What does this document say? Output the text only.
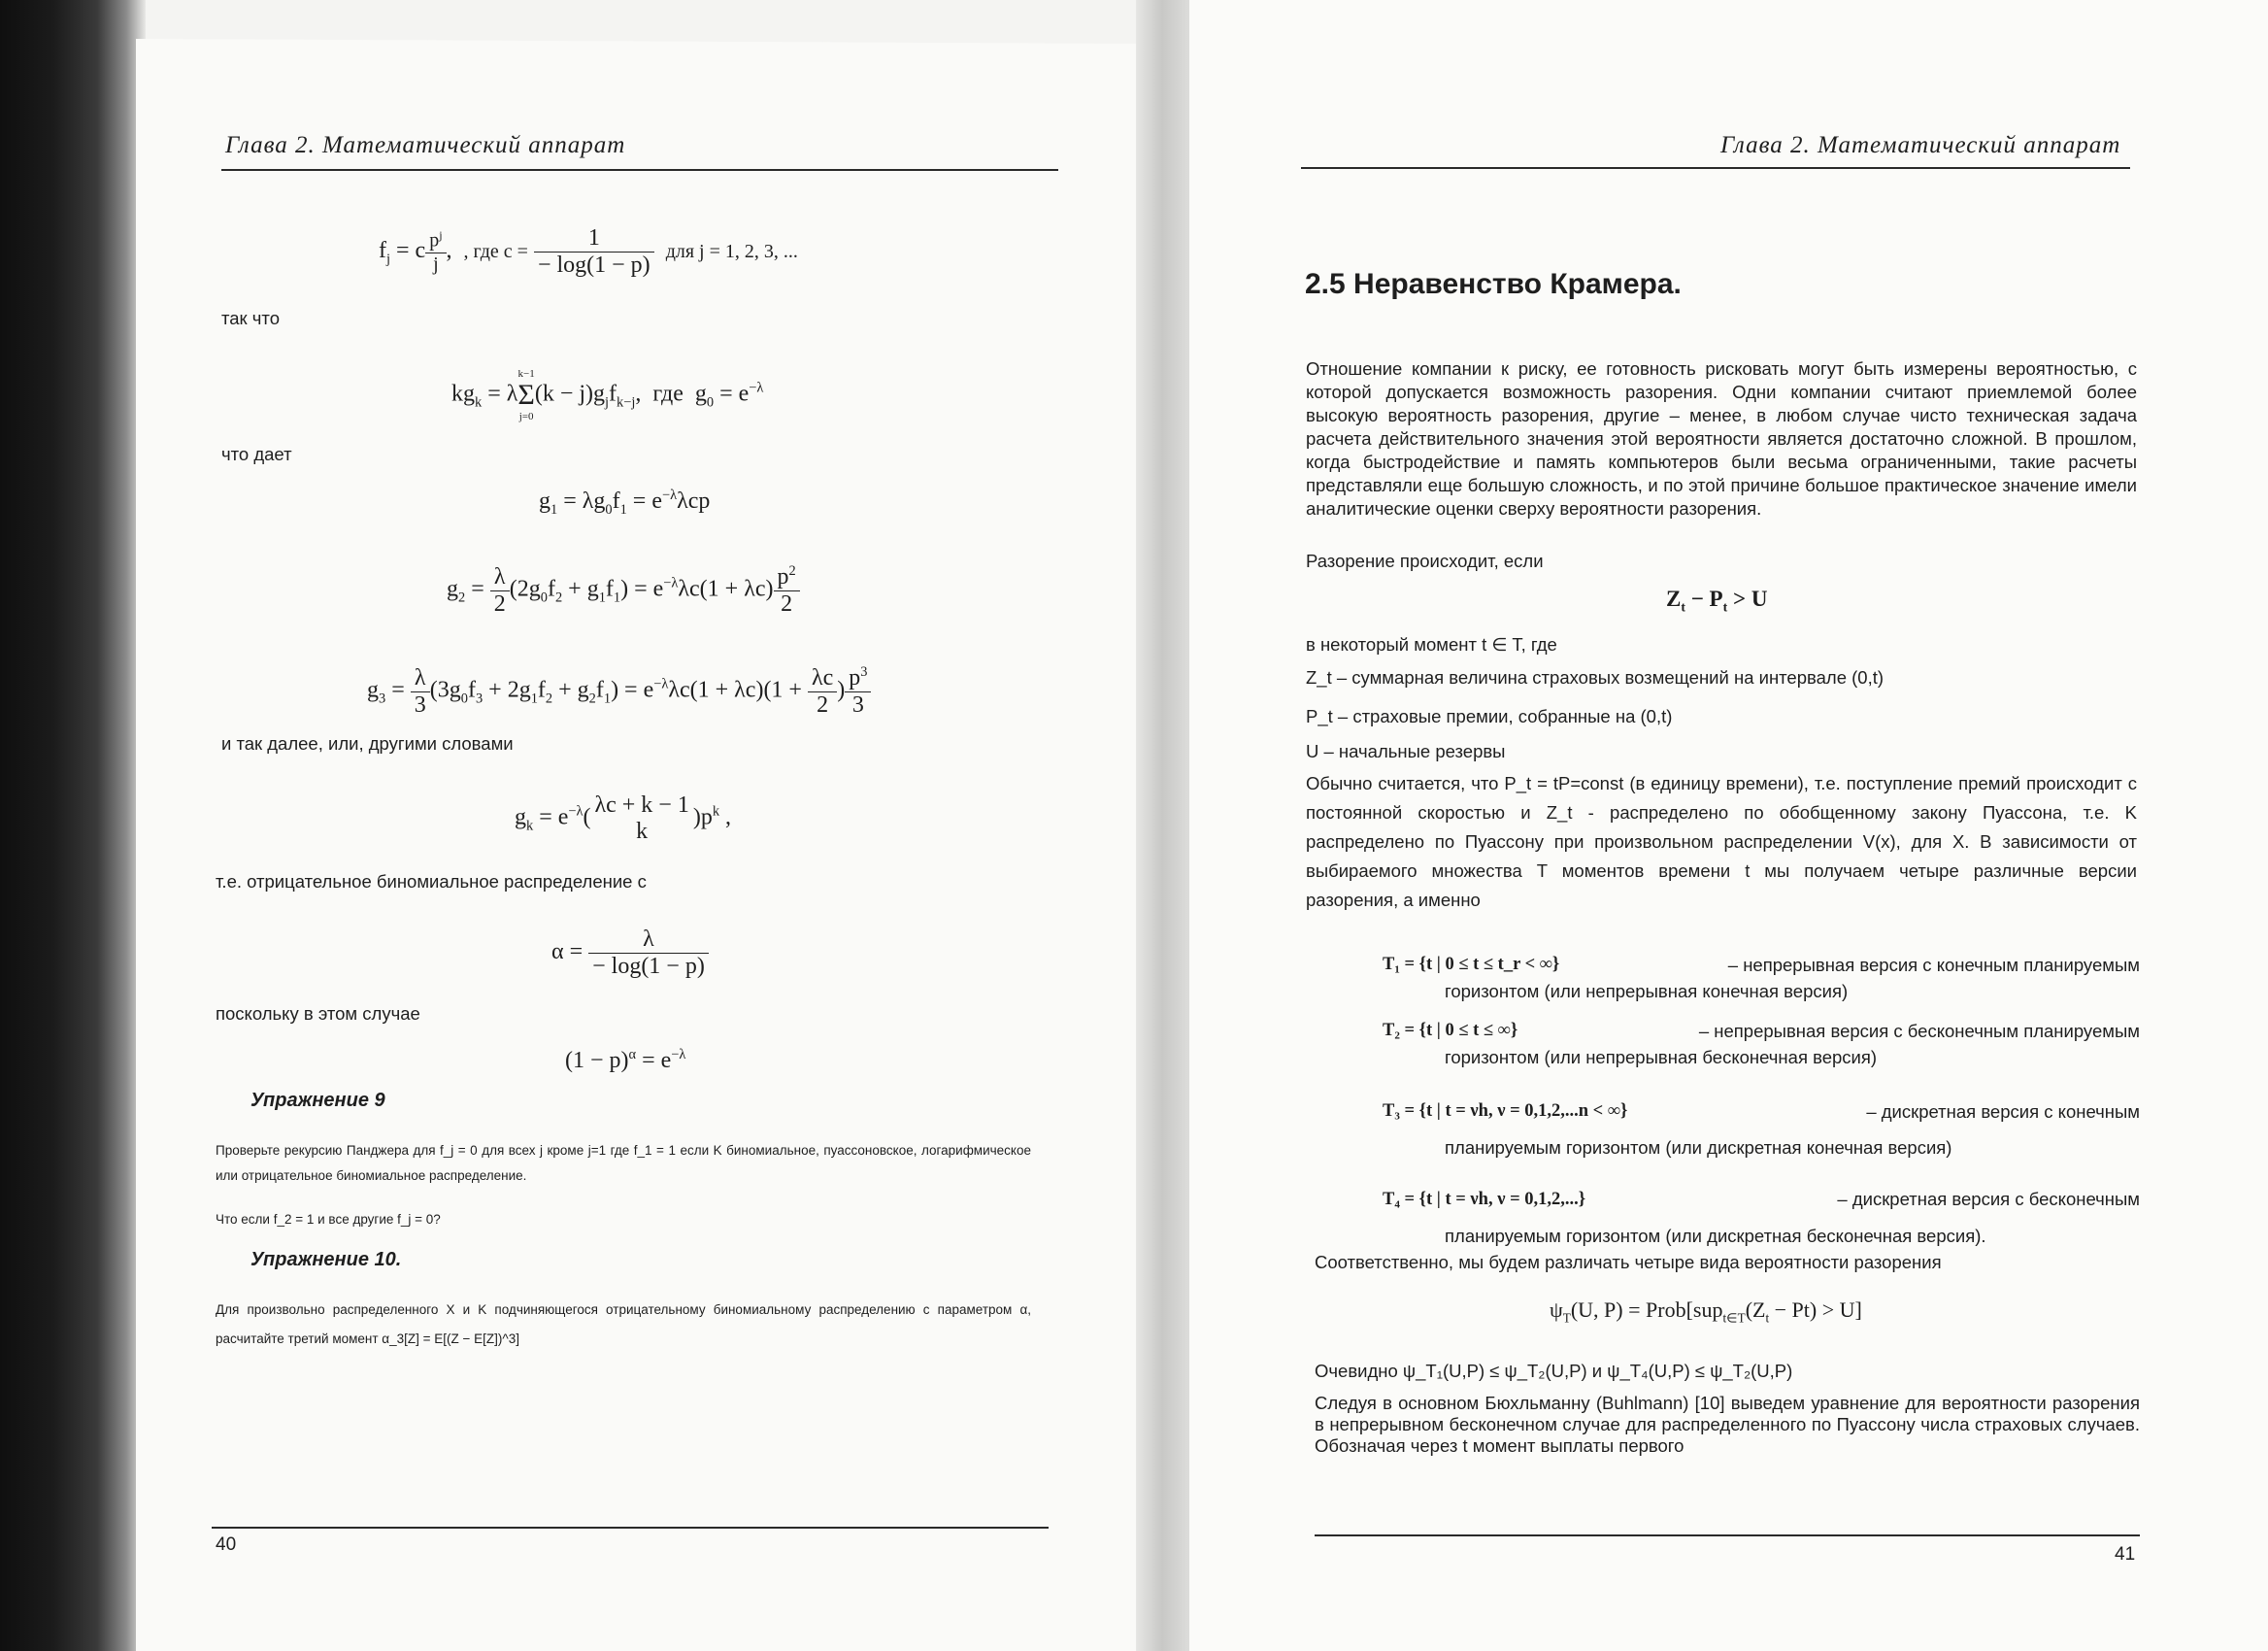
Глава 2. Математический аппарат
$f_j = c \frac{p^j}{j}$ ,  , где $c = \frac{1}{- \log(1 - p)}$ для j = 1, 2, 3, ...
так что
$kg_k = \lambda$
k−1
Σ
j=0
$(k - j)g_jf_{k-j}$,  где  $g_0 = e^{-\lambda}$
что дает
$g_1 = \lambda g_0f_1 = e^{-\lambda}\lambda cp$
$g_2 = \frac{\lambda}{2} (2g_0f_2 + g_1f_1) = e^{-\lambda}\lambda c(1 + \lambda c) \frac{p^2}{2}$
$g_3 = \frac{\lambda}{3} (3g_0f_3 + 2g_1f_2 + g_2f_1) = e^{-\lambda}\lambda c(1 + \lambda c)(1 + \frac{\lambda c}{2}$ ) $\frac{p^3}{3}$
и так далее, или, другими словами
$g_k = e^{-\lambda}$( λc + k − 1
k
)$p^k$ ,
т.е. отрицательное биномиальное распределение с
$\alpha = \frac{\lambda}{- \log(1 - p)}$
поскольку в этом случае
$(1 - p)^\alpha = e^{-\lambda}$
Упражнение 9
Проверьте рекурсию Панджера для f_j = 0 для всех j кроме j=1 где f_1 = 1 если K биномиальное, пуассоновское, логарифмическое или отрицательное биномиальное распределение.
Что если f_2 = 1 и все другие f_j = 0?
Упражнение 10.
Для произвольно распределенного X и K подчиняющегося отрицательному биномиальному распределению с параметром α, расчитайте третий момент α_3[Z] = E[(Z − E[Z])^3]
40
Глава 2. Математический аппарат
2.5 Неравенство Крамера.
Отношение компании к риску, ее готовность рисковать могут быть измерены вероятностью, с которой допускается возможность разорения. Одни компании считают приемлемой более высокую вероятность разорения, другие – менее, в любом случае чисто техническая задача расчета действительного значения этой вероятности является достаточно сложной. В прошлом, когда быстродействие и память компьютеров были весьма ограниченными, такие расчеты представляли еще большую сложность, и по этой причине большое практическое значение имели аналитические оценки сверху вероятности разорения.
Разорение происходит, если
$Z_t - P_t > U$
в некоторый момент t ∈ T, где
Z_t – суммарная величина страховых возмещений на интервале (0,t)
P_t – страховые премии, собранные на (0,t)
U – начальные резервы
Обычно считается, что P_t = tP=const (в единицу времени), т.е. поступление премий происходит с постоянной скоростью и Z_t - распределено по обобщенному закону Пуассона, т.е. K распределено по Пуассону при произвольном распределении V(x), для X. В зависимости от выбираемого множества T моментов времени t мы получаем четыре различные версии разорения, а именно
T₁ = {t | 0 ≤ t ≤ t_r < ∞}	– непрерывная версия с конечным планируемым
горизонтом (или непрерывная конечная версия)
T₂ = {t | 0 ≤ t ≤ ∞}	– непрерывная версия с бесконечным планируемым
горизонтом (или непрерывная бесконечная версия)
T₃ = {t | t = νh, ν = 0,1,2,...n < ∞}	– дискретная версия с конечным
планируемым горизонтом (или дискретная конечная версия)
T₄ = {t | t = νh, ν = 0,1,2,...}	– дискретная версия с бесконечным
планируемым горизонтом (или дискретная бесконечная версия).
Соответственно, мы будем различать четыре вида вероятности разорения
$\psi_T(U$, $P) = Prob[sup_{t\in T}(Z_t - Pt) > U]$
Очевидно ψ_T₁(U,P) ≤ ψ_T₂(U,P) и ψ_T₄(U,P) ≤ ψ_T₂(U,P)
Следуя в основном Бюхльманну (Buhlmann) [10] выведем уравнение для вероятности разорения в непрерывном бесконечном случае для распределенного по Пуассону числа страховых случаев. Обозначая через t момент выплаты первого
41
